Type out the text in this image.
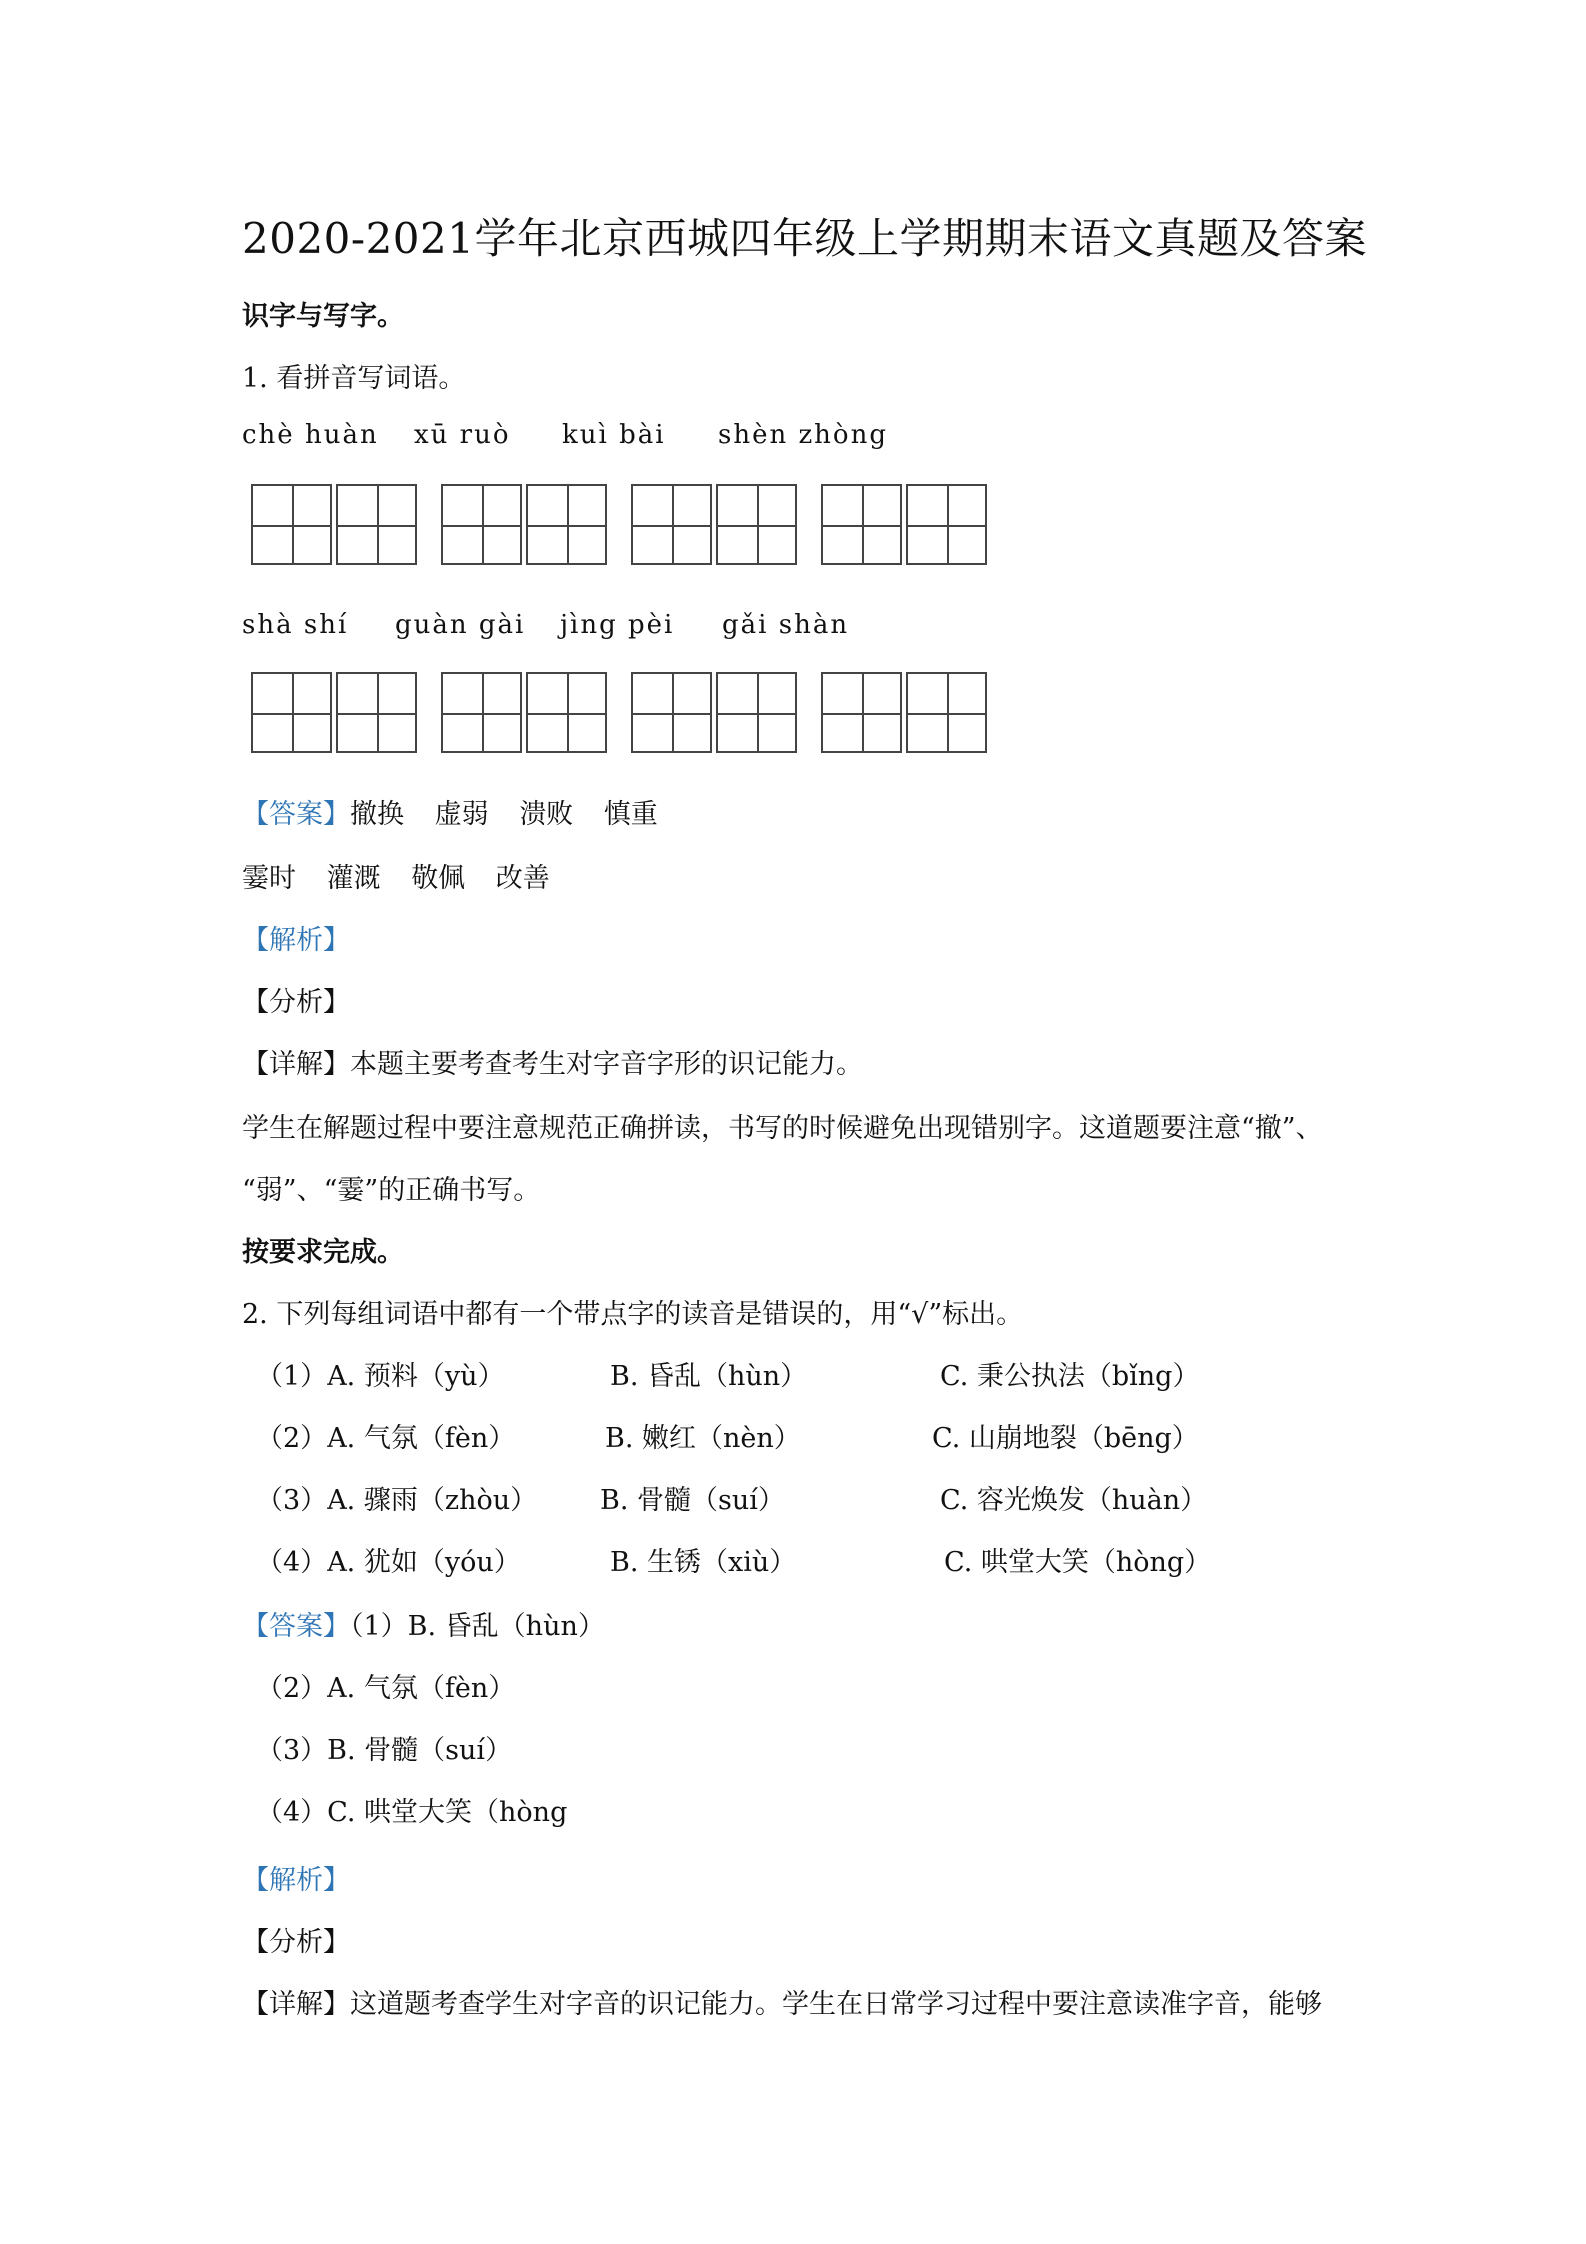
2020-2021学年北京西城四年级上学期期末语文真题及答案
识字与写字。
1. 看拼音写词语。
chè huàn xū ruò kuì bài shèn zhòng
shà shí guàn gài jìng pèi gǎi shàn
【答案】撤换 虚弱 溃败 慎重
霎时 灌溉 敬佩 改善
【解析】
【分析】
【详解】本题主要考查考生对字音字形的识记能力。
学生在解题过程中要注意规范正确拼读，书写的时候避免出现错别字。这道题要注意“撤”、
“弱”、“霎”的正确书写。
按要求完成。
2. 下列每组词语中都有一个带点字的读音是错误的，用“√”标出。
（1）A. 预料（yù）	B. 昏乱（hùn）	C. 秉公执法（bǐng）
（2）A. 气氛（fèn）	B. 嫩红（nèn）	C. 山崩地裂（bēng）
（3）A. 骤雨（zhòu） B. 骨髓（suí）	C. 容光焕发（huàn）
（4）A. 犹如（yóu）	B. 生锈（xiù）	C. 哄堂大笑（hòng）
【答案】（1）B. 昏乱（hùn）
（2）A. 气氛（fèn）
（3）B. 骨髓（suí）
（4）C. 哄堂大笑（hòng
【解析】
【分析】
【详解】这道题考查学生对字音的识记能力。学生在日常学习过程中要注意读准字音，能够
